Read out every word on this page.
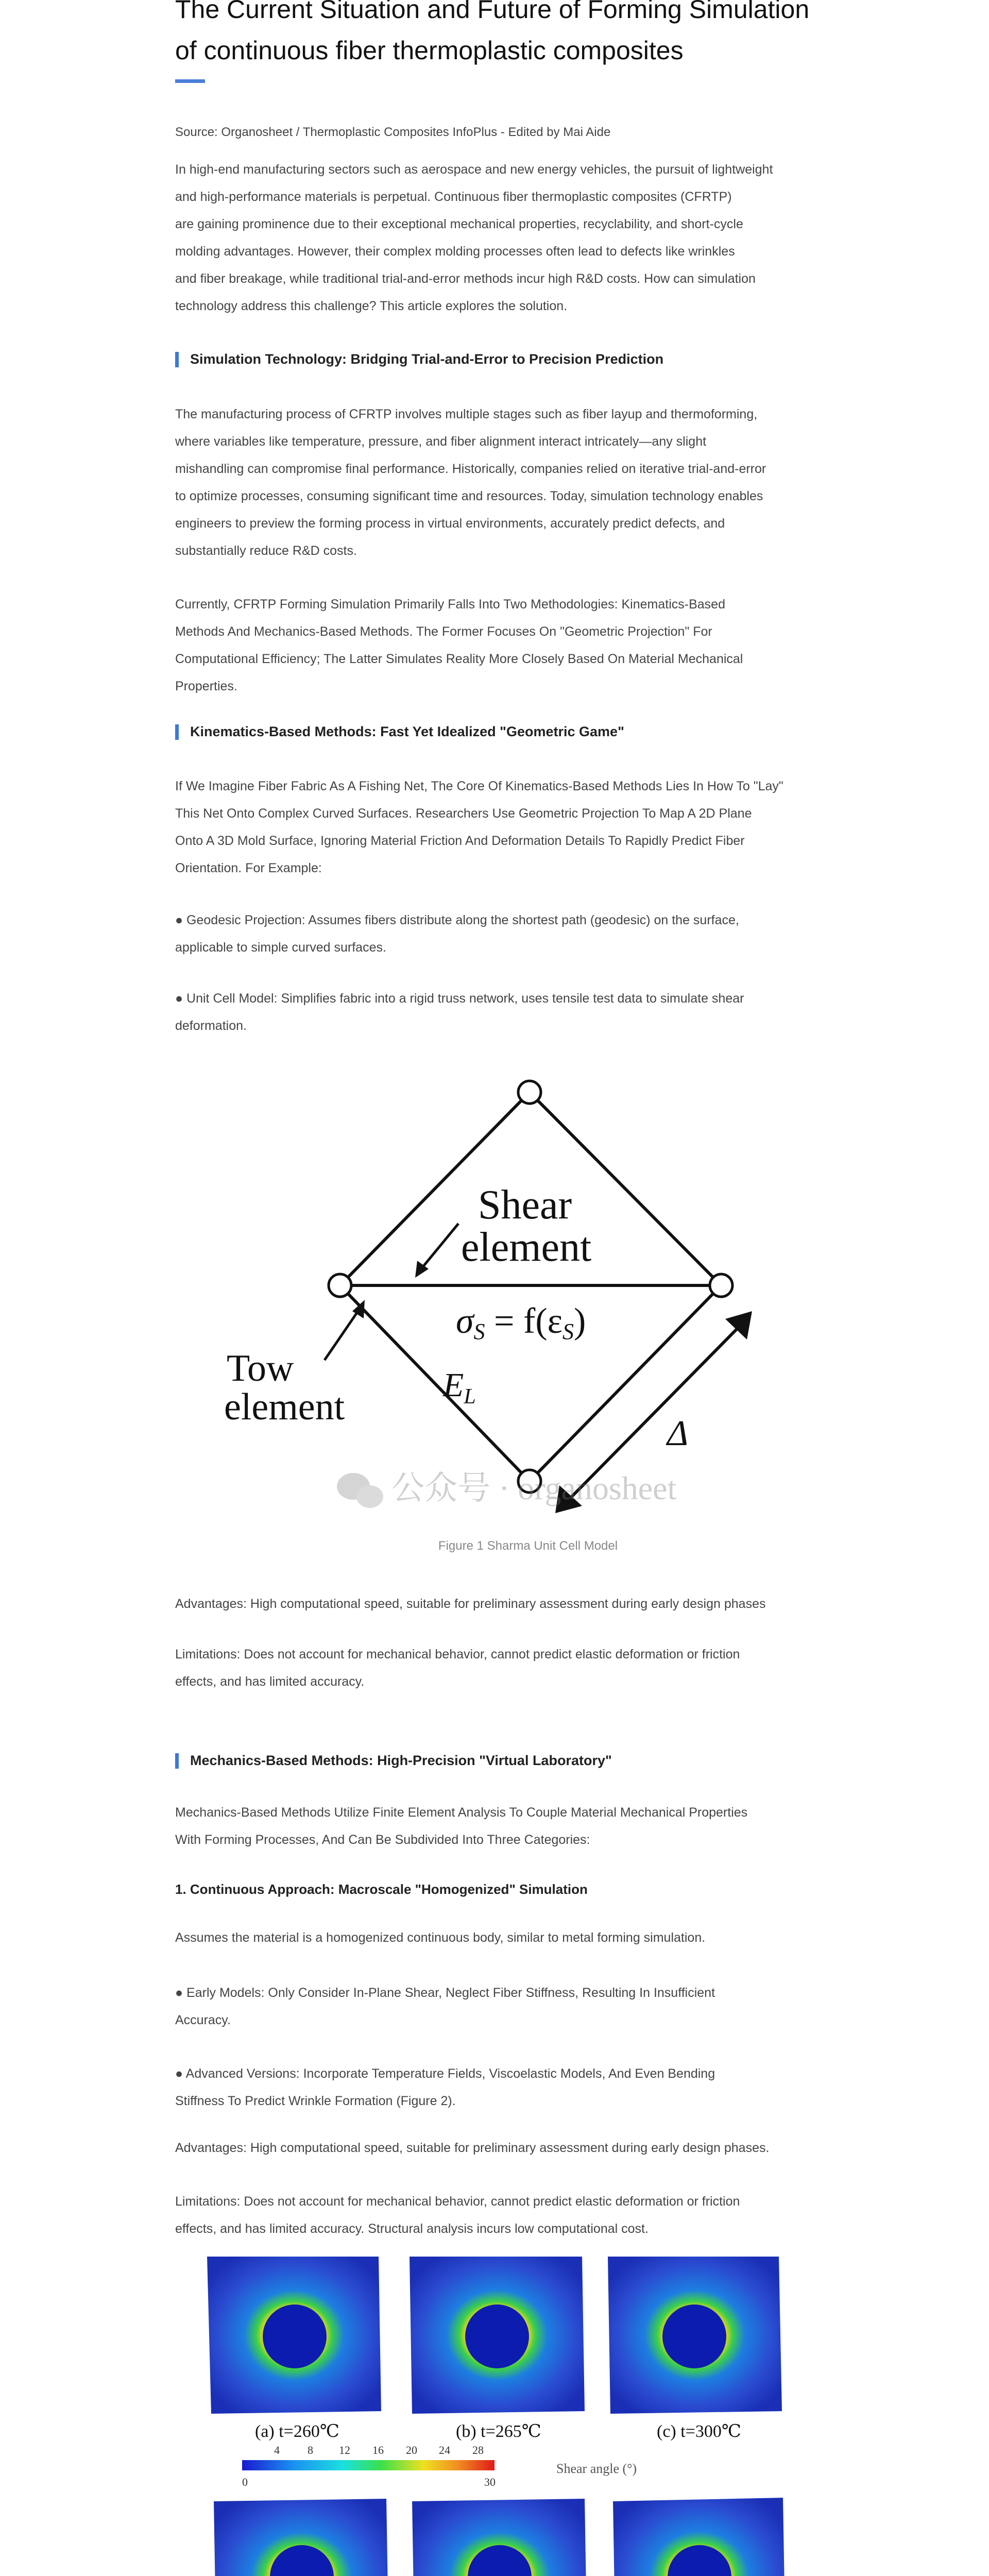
The Current Situation and Future of Forming Simulation
of continuous fiber thermoplastic composites
Source: Organosheet / Thermoplastic Composites InfoPlus - Edited by Mai Aide

In high-end manufacturing sectors such as aerospace and new energy vehicles, the pursuit of lightweight

and high-performance materials is perpetual. Continuous fiber thermoplastic composites (CFRTP)

are gaining prominence due to their exceptional mechanical properties, recyclability, and short-cycle

molding advantages. However, their complex molding processes often lead to defects like wrinkles

and fiber breakage, while traditional trial-and-error methods incur high R&D costs. How can simulation

technology address this challenge? This article explores the solution.

Simulation Technology: Bridging Trial-and-Error to Precision Prediction

The manufacturing process of CFRTP involves multiple stages such as fiber layup and thermoforming,

where variables like temperature, pressure, and fiber alignment interact intricately—any slight

mishandling can compromise final performance. Historically, companies relied on iterative trial-and-error

to optimize processes, consuming significant time and resources. Today, simulation technology enables

engineers to preview the forming process in virtual environments, accurately predict defects, and

substantially reduce R&D costs.

Currently, CFRTP Forming Simulation Primarily Falls Into Two Methodologies: Kinematics-Based

Methods And Mechanics-Based Methods. The Former Focuses On "Geometric Projection" For

Computational Efficiency; The Latter Simulates Reality More Closely Based On Material Mechanical

Properties.

Kinematics-Based Methods: Fast Yet Idealized "Geometric Game"

If We Imagine Fiber Fabric As A Fishing Net, The Core Of Kinematics-Based Methods Lies In How To "Lay"

This Net Onto Complex Curved Surfaces. Researchers Use Geometric Projection To Map A 2D Plane

Onto A 3D Mold Surface, Ignoring Material Friction And Deformation Details To Rapidly Predict Fiber

Orientation. For Example:

● Geodesic Projection: Assumes fibers distribute along the shortest path (geodesic) on the surface,

applicable to simple curved surfaces.

● Unit Cell Model: Simplifies fabric into a rigid truss network, uses tensile test data to simulate shear

deformation.

Shear
element
σS = f(εS)
Tow
element
$E_L$
Δ
公众号 · organosheet
Figure 1 Sharma Unit Cell Model

Advantages: High computational speed, suitable for preliminary assessment during early design phases

Limitations: Does not account for mechanical behavior, cannot predict elastic deformation or friction

effects, and has limited accuracy.

Mechanics-Based Methods: High-Precision "Virtual Laboratory"

Mechanics-Based Methods Utilize Finite Element Analysis To Couple Material Mechanical Properties

With Forming Processes, And Can Be Subdivided Into Three Categories:

1. Continuous Approach: Macroscale "Homogenized" Simulation

Assumes the material is a homogenized continuous body, similar to metal forming simulation.

● Early Models: Only Consider In-Plane Shear, Neglect Fiber Stiffness, Resulting In Insufficient

Accuracy.

● Advanced Versions: Incorporate Temperature Fields, Viscoelastic Models, And Even Bending

Stiffness To Predict Wrinkle Formation (Figure 2).

Advantages: High computational speed, suitable for preliminary assessment during early design phases.

Limitations: Does not account for mechanical behavior, cannot predict elastic deformation or friction

effects, and has limited accuracy. Structural analysis incurs low computational cost.

(a) t=260℃	(b) t=265℃	(c) t=300℃
4 8 12 16 20 24 28
0	30
Shear angle (°)
